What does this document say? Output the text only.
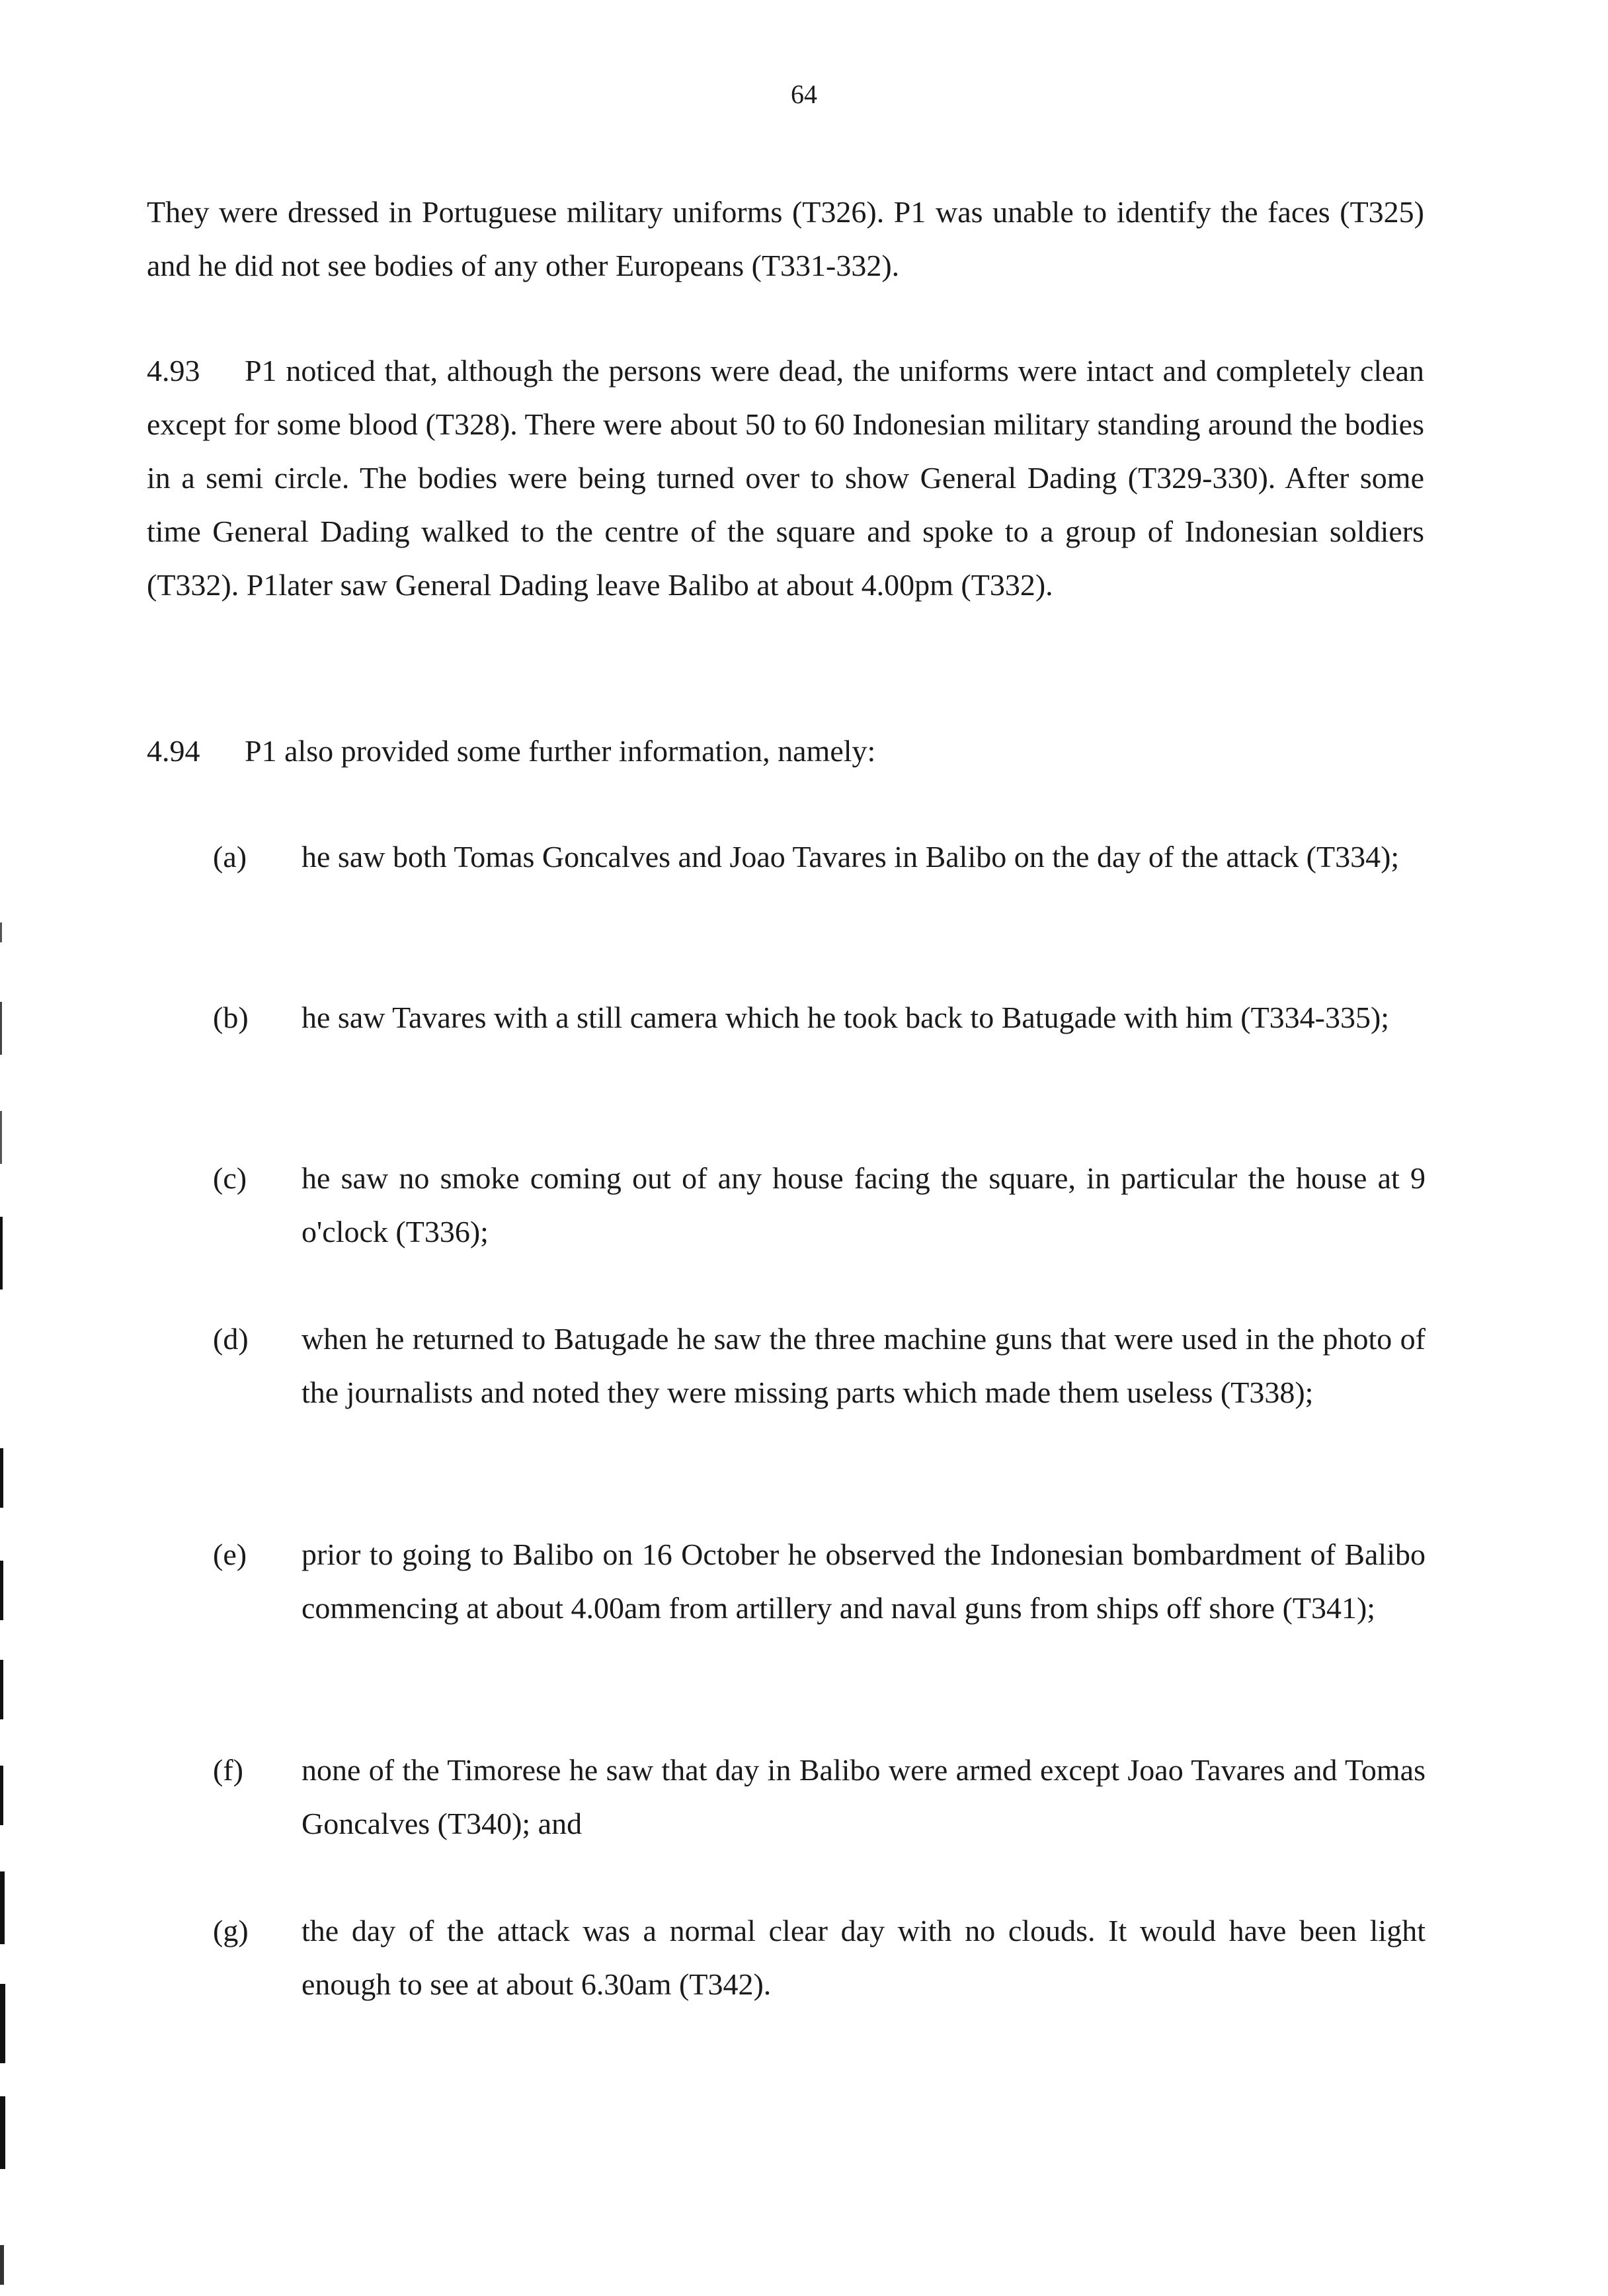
64

They were dressed in Portuguese military uniforms (T326). P1 was unable to identify the faces (T325) and he did not see bodies of any other Europeans (T331-332).

4.93 P1 noticed that, although the persons were dead, the uniforms were intact and completely clean except for some blood (T328). There were about 50 to 60 Indonesian military standing around the bodies in a semi circle. The bodies were being turned over to show General Dading (T329-330). After some time General Dading walked to the centre of the square and spoke to a group of Indonesian soldiers (T332). P1later saw General Dading leave Balibo at about 4.00pm (T332).

4.94 P1 also provided some further information, namely:

(a)	he saw both Tomas Goncalves and Joao Tavares in Balibo on the day of the attack (T334);
(b)	he saw Tavares with a still camera which he took back to Batugade with him (T334-335);
(c)	he saw no smoke coming out of any house facing the square, in particular the house at 9 o'clock (T336);
(d)	when he returned to Batugade he saw the three machine guns that were used in the photo of the journalists and noted they were missing parts which made them useless (T338);
(e)	prior to going to Balibo on 16 October he observed the Indonesian bombardment of Balibo commencing at about 4.00am from artillery and naval guns from ships off shore (T341);
(f)	none of the Timorese he saw that day in Balibo were armed except Joao Tavares and Tomas Goncalves (T340); and
(g)	the day of the attack was a normal clear day with no clouds. It would have been light enough to see at about 6.30am (T342).
